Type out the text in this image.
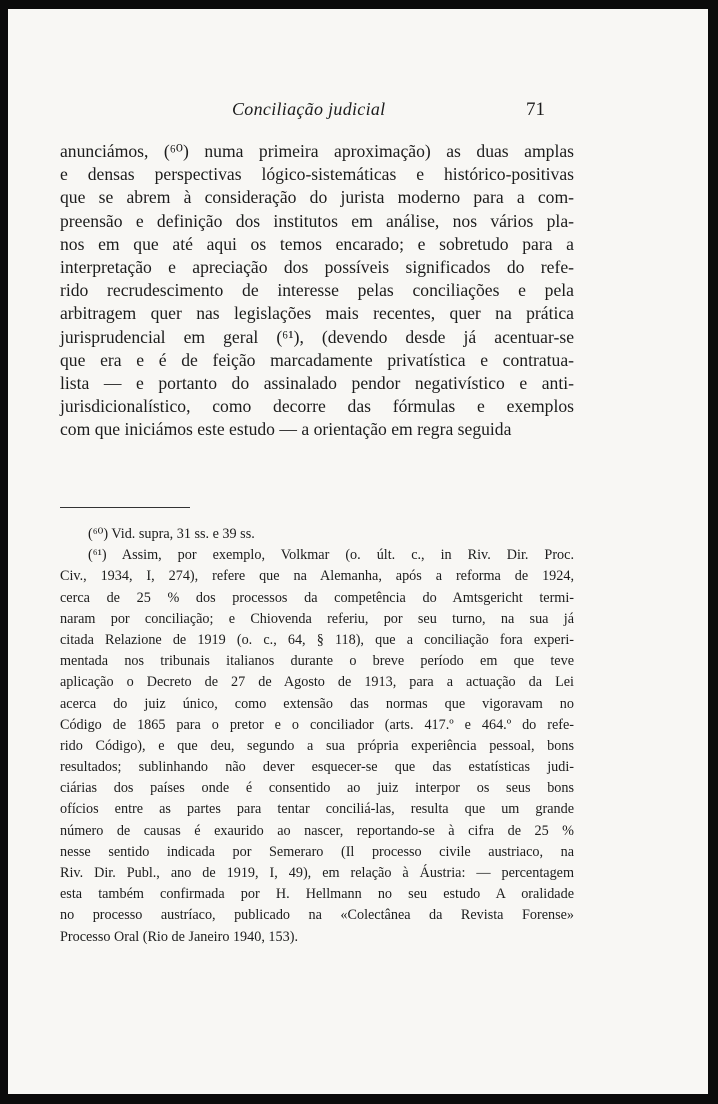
Conciliação judicial	71
anunciámos, (⁶⁰) numa primeira aproximação) as duas amplas
e densas perspectivas lógico-sistemáticas e histórico-positivas
que se abrem à consideração do jurista moderno para a com-
preensão e definição dos institutos em análise, nos vários pla-
nos em que até aqui os temos encarado; e sobretudo para a
interpretação e apreciação dos possíveis significados do refe-
rido recrudescimento de interesse pelas conciliações e pela
arbitragem quer nas legislações mais recentes, quer na prática
jurisprudencial em geral (⁶¹), (devendo desde já acentuar-se
que era e é de feição marcadamente privatística e contratua-
lista — e portanto do assinalado pendor negativístico e anti-
jurisdicionalístico, como decorre das fórmulas e exemplos
com que iniciámos este estudo — a orientação em regra seguida
(⁶⁰) Vid. supra, 31 ss. e 39 ss.
(⁶¹) Assim, por exemplo, Volkmar (o. últ. c., in Riv. Dir. Proc.
Civ., 1934, I, 274), refere que na Alemanha, após a reforma de 1924,
cerca de 25 % dos processos da competência do Amtsgericht termi-
naram por conciliação; e Chiovenda referiu, por seu turno, na sua já
citada Relazione de 1919 (o. c., 64, § 118), que a conciliação fora experi-
mentada nos tribunais italianos durante o breve período em que teve
aplicação o Decreto de 27 de Agosto de 1913, para a actuação da Lei
acerca do juiz único, como extensão das normas que vigoravam no
Código de 1865 para o pretor e o conciliador (arts. 417.º e 464.º do refe-
rido Código), e que deu, segundo a sua própria experiência pessoal, bons
resultados; sublinhando não dever esquecer-se que das estatísticas judi-
ciárias dos países onde é consentido ao juiz interpor os seus bons
ofícios entre as partes para tentar conciliá-las, resulta que um grande
número de causas é exaurido ao nascer, reportando-se à cifra de 25 %
nesse sentido indicada por Semeraro (Il processo civile austriaco, na
Riv. Dir. Publ., ano de 1919, I, 49), em relação à Áustria: — percentagem
esta também confirmada por H. Hellmann no seu estudo A oralidade
no processo austríaco, publicado na «Colectânea da Revista Forense»
Processo Oral (Rio de Janeiro 1940, 153).
